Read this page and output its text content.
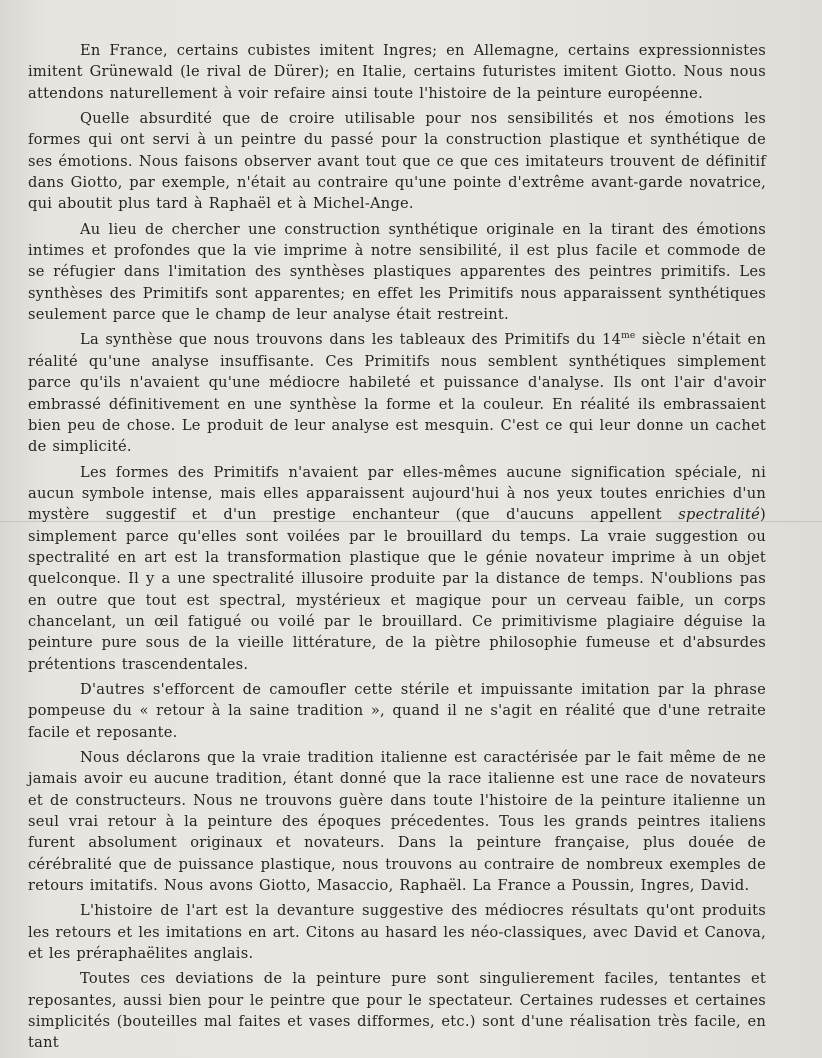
En France, certains cubistes imitent Ingres; en Allemagne, certains expressionnistes imitent Grünewald (le rival de Dürer); en Italie, certains futuristes imitent Giotto. Nous nous attendons naturellement à voir refaire ainsi toute l'histoire de la peinture européenne.

Quelle absurdité que de croire utilisable pour nos sensibilités et nos émotions les formes qui ont servi à un peintre du passé pour la construction plastique et synthétique de ses émotions. Nous faisons observer avant tout que ce que ces imitateurs trouvent de définitif dans Giotto, par exemple, n'était au contraire qu'une pointe d'extrême avant-garde novatrice, qui aboutit plus tard à Raphaël et à Michel-Ange.

Au lieu de chercher une construction synthétique originale en la tirant des émotions intimes et profondes que la vie imprime à notre sensibilité, il est plus facile et commode de se réfugier dans l'imitation des synthèses plastiques apparentes des peintres primitifs. Les synthèses des Primitifs sont apparentes; en effet les Primitifs nous apparaissent synthétiques seulement parce que le champ de leur analyse était restreint.

La synthèse que nous trouvons dans les tableaux des Primitifs du $14^{me}$ siècle n'était en réalité qu'une analyse insuffisante. Ces Primitifs nous semblent synthétiques simplement parce qu'ils n'avaient qu'une médiocre habileté et puissance d'analyse. Ils ont l'air d'avoir embrassé définitivement en une synthèse la forme et la couleur. En réalité ils embrassaient bien peu de chose. Le produit de leur analyse est mesquin. C'est ce qui leur donne un cachet de simplicité.

Les formes des Primitifs n'avaient par elles-mêmes aucune signification spéciale, ni aucun symbole intense, mais elles apparaissent aujourd'hui à nos yeux toutes enrichies d'un mystère suggestif et d'un prestige enchanteur (que d'aucuns appellent spectralité) simplement parce qu'elles sont voilées par le brouillard du temps. La vraie suggestion ou spectralité en art est la transformation plastique que le génie novateur imprime à un objet quelconque. Il y a une spectralité illusoire produite par la distance de temps. N'oublions pas en outre que tout est spectral, mystérieux et magique pour un cerveau faible, un corps chancelant, un œil fatigué ou voilé par le brouillard. Ce primitivisme plagiaire déguise la peinture pure sous de la vieille littérature, de la piètre philosophie fumeuse et d'absurdes prétentions trascendentales.

D'autres s'efforcent de camoufler cette stérile et impuissante imitation par la phrase pompeuse du « retour à la saine tradition », quand il ne s'agit en réalité que d'une retraite facile et reposante.

Nous déclarons que la vraie tradition italienne est caractérisée par le fait même de ne jamais avoir eu aucune tradition, étant donné que la race italienne est une race de novateurs et de constructeurs. Nous ne trouvons guère dans toute l'histoire de la peinture italienne un seul vrai retour à la peinture des époques précedentes. Tous les grands peintres italiens furent absolument originaux et novateurs. Dans la peinture française, plus douée de cérébralité que de puissance plastique, nous trouvons au contraire de nombreux exemples de retours imitatifs. Nous avons Giotto, Masaccio, Raphaël. La France a Poussin, Ingres, David.

L'histoire de l'art est la devanture suggestive des médiocres résultats qu'ont produits les retours et les imitations en art. Citons au hasard les néo-classiques, avec David et Canova, et les préraphaëlites anglais.

Toutes ces deviations de la peinture pure sont singulierement faciles, tentantes et reposantes, aussi bien pour le peintre que pour le spectateur. Certaines rudesses et certaines simplicités (bouteilles mal faites et vases difformes, etc.) sont d'une réalisation très facile, en tant
